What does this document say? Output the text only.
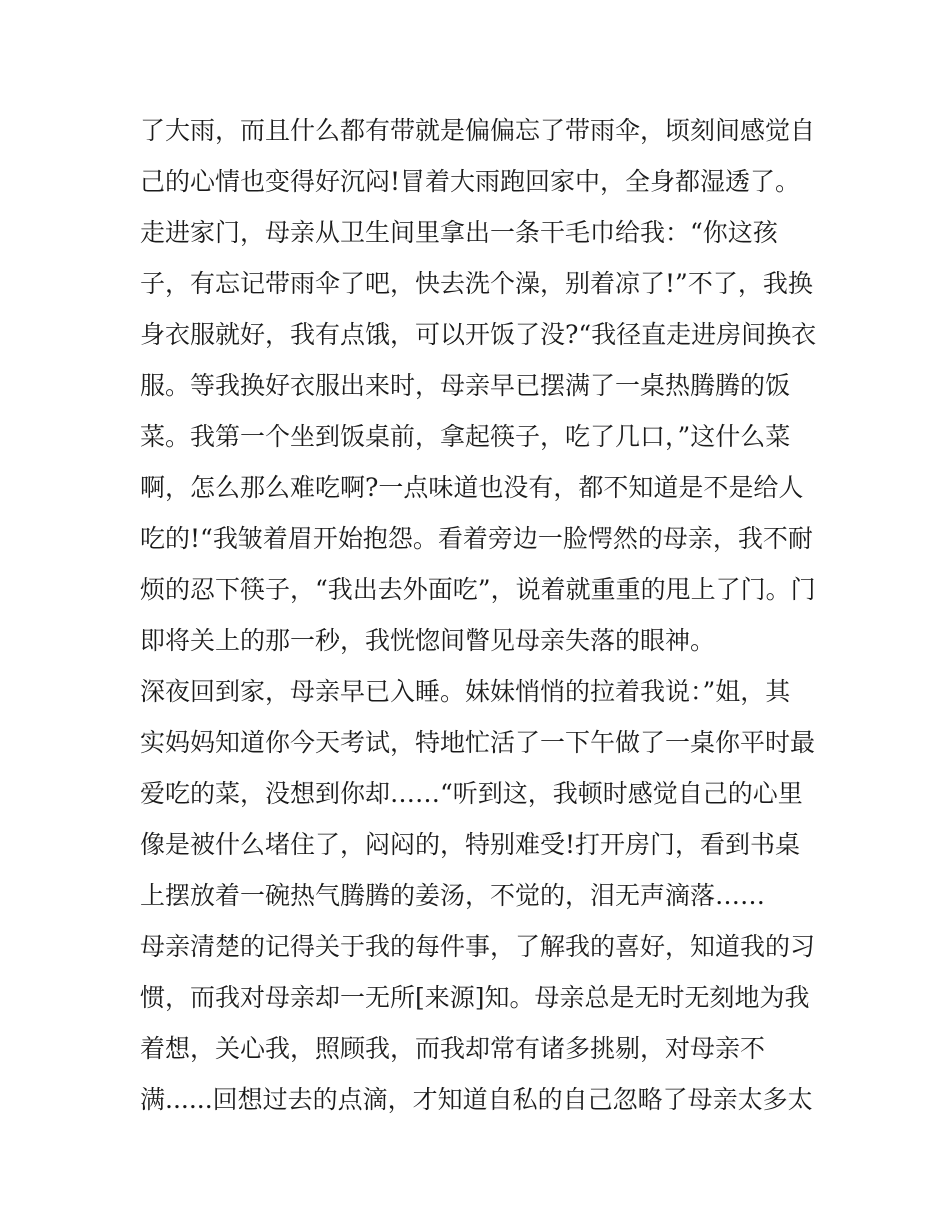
了大雨，而且什么都有带就是偏偏忘了带雨伞，顷刻间感觉自
己的心情也变得好沉闷!冒着大雨跑回家中，全身都湿透了。
走进家门，母亲从卫生间里拿出一条干毛巾给我：“你这孩
子，有忘记带雨伞了吧，快去洗个澡，别着凉了!”不了，我换
身衣服就好，我有点饿，可以开饭了没?“我径直走进房间换衣
服。等我换好衣服出来时，母亲早已摆满了一桌热腾腾的饭
菜。我第一个坐到饭桌前，拿起筷子，吃了几口，”这什么菜
啊，怎么那么难吃啊?一点味道也没有，都不知道是不是给人
吃的!“我皱着眉开始抱怨。看着旁边一脸愕然的母亲，我不耐
烦的忍下筷子，“我出去外面吃”，说着就重重的甩上了门。门
即将关上的那一秒，我恍惚间瞥见母亲失落的眼神。
深夜回到家，母亲早已入睡。妹妹悄悄的拉着我说：”姐，其
实妈妈知道你今天考试，特地忙活了一下午做了一桌你平时最
爱吃的菜，没想到你却……“听到这，我顿时感觉自己的心里
像是被什么堵住了，闷闷的，特别难受!打开房门，看到书桌
上摆放着一碗热气腾腾的姜汤，不觉的，泪无声滴落……
母亲清楚的记得关于我的每件事，了解我的喜好，知道我的习
惯，而我对母亲却一无所[来源]知。母亲总是无时无刻地为我
着想，关心我，照顾我，而我却常有诸多挑剔，对母亲不
满......回想过去的点滴，才知道自私的自己忽略了母亲太多太
